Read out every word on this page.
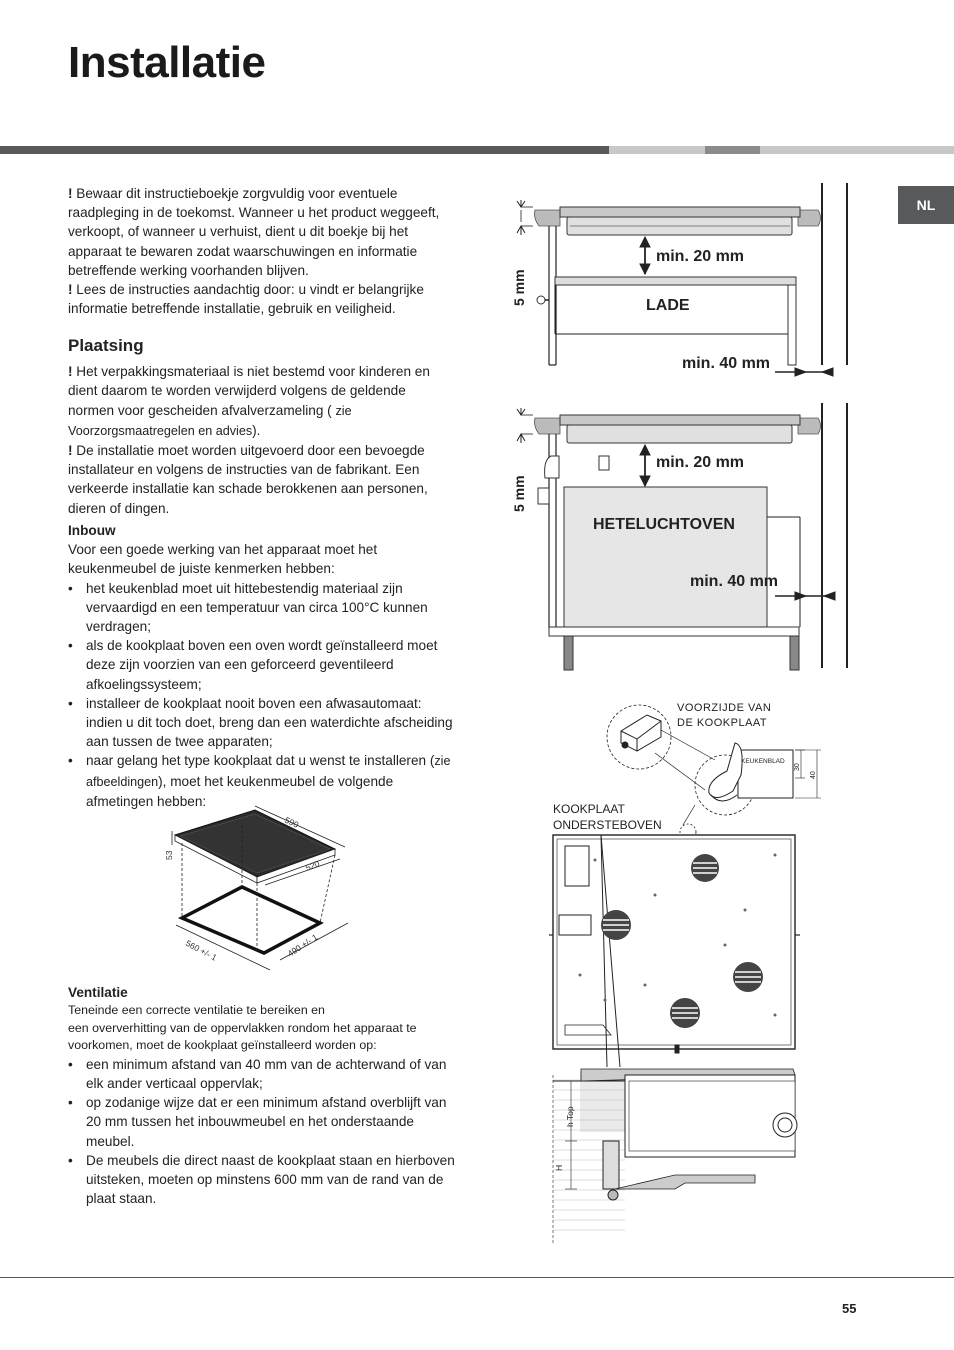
Installatie
NL

! Bewaar dit instructieboekje zorgvuldig voor eventuele raadpleging in de toekomst. Wanneer u het product weggeeft, verkoopt, of wanneer u verhuist, dient u dit boekje bij het apparaat te bewaren zodat waarschuwingen en informatie betreffende werking voorhanden blijven.

! Lees de instructies aandachtig door: u vindt er belangrijke informatie betreffende installatie, gebruik en veiligheid.

Plaatsing

! Het verpakkingsmateriaal is niet bestemd voor kinderen en dient daarom te worden verwijderd volgens de geldende normen voor gescheiden afvalverzameling ( zie Voorzorgsmaatregelen en advies).

! De installatie moet worden uitgevoerd door een bevoegde installateur en volgens de instructies van de fabrikant. Een verkeerde installatie kan schade berokkenen aan personen, dieren of dingen.

Inbouw

Voor een goede werking van het apparaat moet het keukenmeubel de juiste kenmerken hebben:

• het keukenblad moet uit hittebestendig materiaal zijn vervaardigd en een temperatuur van circa 100°C kunnen verdragen;
• als de kookplaat boven een oven wordt geïnstalleerd moet deze zijn voorzien van een geforceerd geventileerd afkoelingssysteem;
• installeer de kookplaat nooit boven een afwasautomaat: indien u dit toch doet, breng dan een waterdichte afscheiding aan tussen de twee apparaten;
• naar gelang het type kookplaat dat u wenst te installeren (zie afbeeldingen), moet het keukenmeubel de volgende afmetingen hebben:
590
520
53
560 +/- 1	490 +/- 1
Ventilatie

Teneinde een correcte ventilatie te bereiken en

een oververhitting van de oppervlakken rondom het apparaat te voorkomen, moet de kookplaat geïnstalleerd worden op:

• een minimum afstand van 40 mm van de achterwand of van elk ander verticaal oppervlak;
• op zodanige wijze dat er een minimum afstand overblijft van 20 mm tussen het inbouwmeubel en het onderstaande meubel.
• De meubels die direct naast de kookplaat staan en hierboven uitsteken, moeten op minstens 600 mm van de rand van de plaat staan.
5 mm
min. 20 mm
LADE
min. 40 mm
5 mm
min. 20 mm
HETELUCHTOVEN
min. 40 mm
VOORZIJDE VAN
DE KOOKPLAAT
KEUKENBLAD
30
40
KOOKPLAAT
ONDERSTEBOVEN
h Top
H
55
